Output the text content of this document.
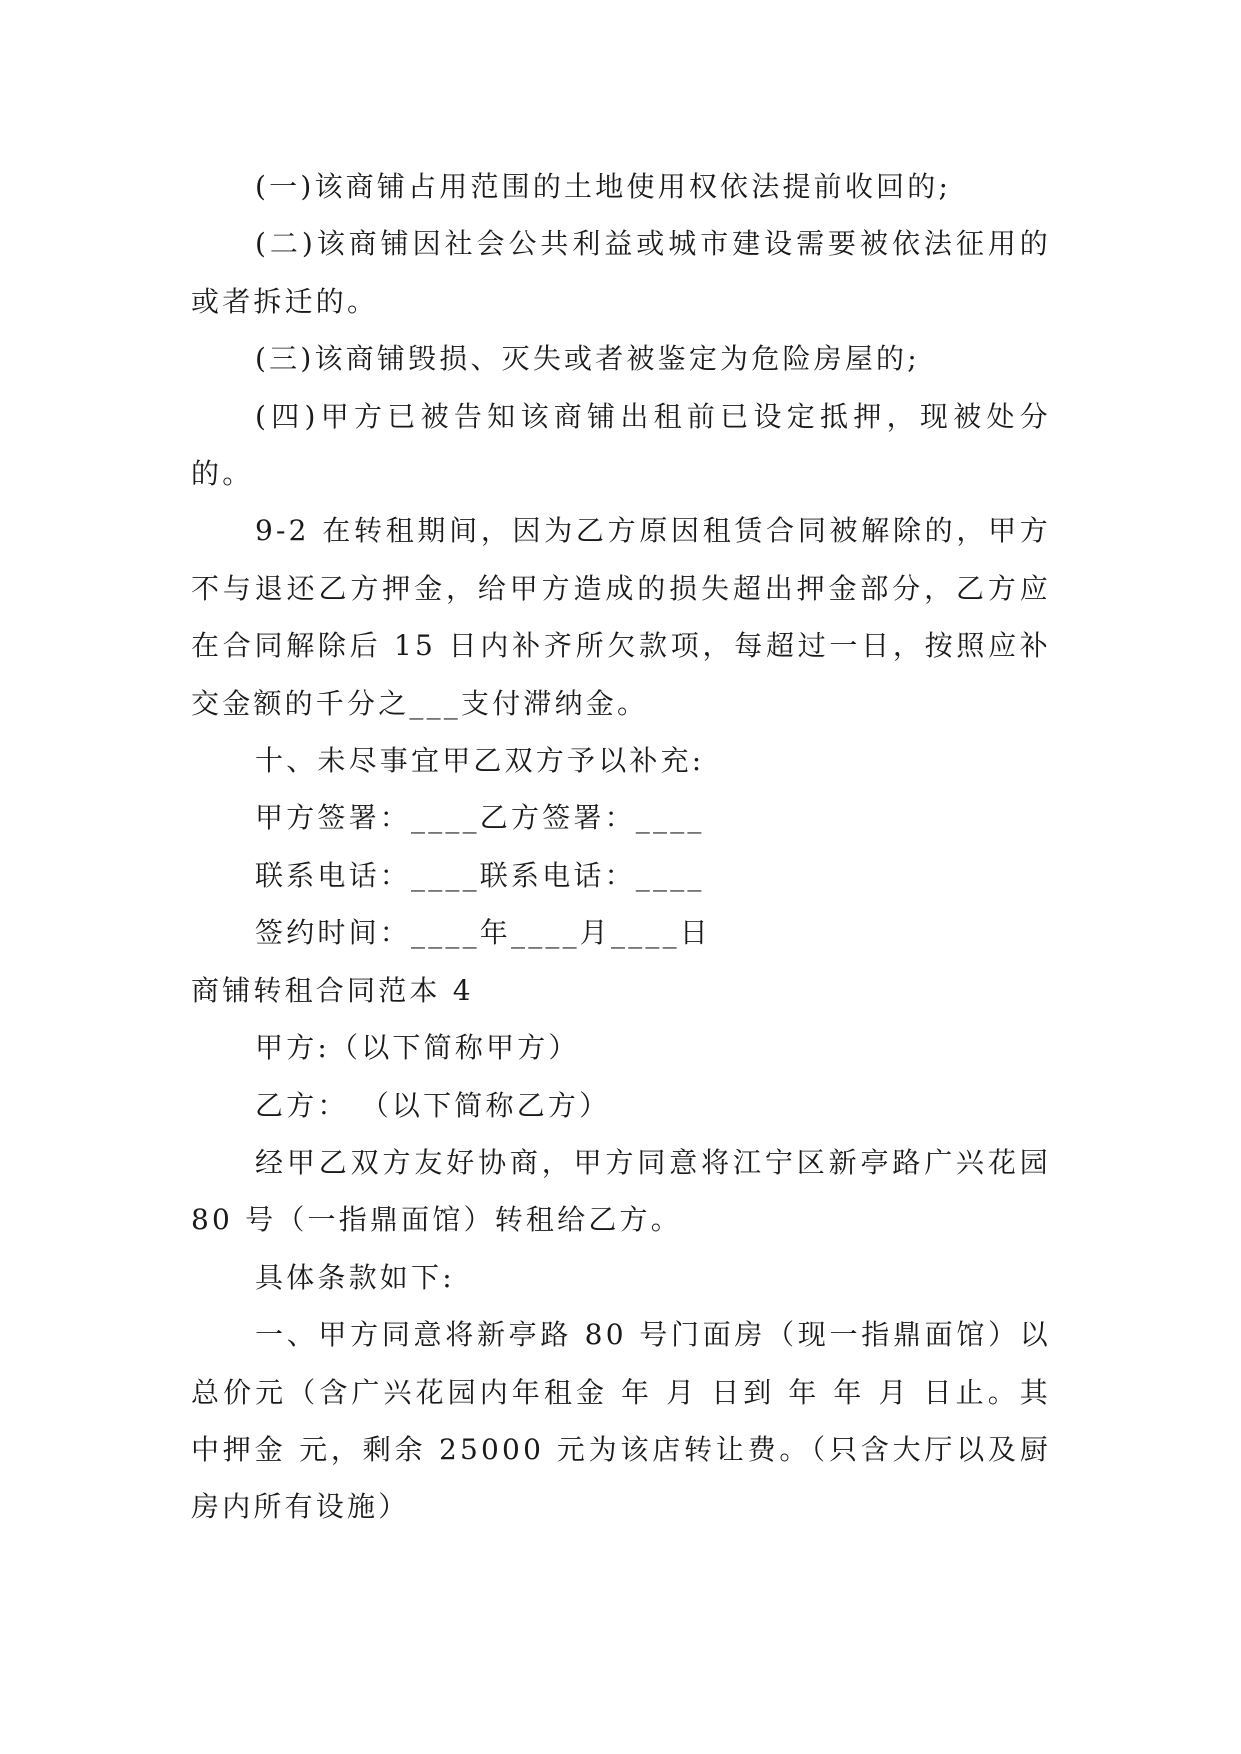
(一)该商铺占用范围的土地使用权依法提前收回的;

(二)该商铺因社会公共利益或城市建设需要被依法征用的或者拆迁的。

(三)该商铺毁损、灭失或者被鉴定为危险房屋的;

(四)甲方已被告知该商铺出租前已设定抵押，现被处分的。

9-2 在转租期间，因为乙方原因租赁合同被解除的，甲方不与退还乙方押金，给甲方造成的损失超出押金部分，乙方应在合同解除后 15 日内补齐所欠款项，每超过一日，按照应补交金额的千分之___支付滞纳金。

十、未尽事宜甲乙双方予以补充:

甲方签署：____乙方签署：____

联系电话：____联系电话：____

签约时间：____年____月____日

商铺转租合同范本 4

甲方:（以下简称甲方）

乙方： （以下简称乙方）

经甲乙双方友好协商，甲方同意将江宁区新亭路广兴花园 80 号（一指鼎面馆）转租给乙方。

具体条款如下:

一、甲方同意将新亭路 80 号门面房（现一指鼎面馆）以总价元（含广兴花园内年租金 年 月 日到 年 年 月 日止。其中押金 元，剩余 25000 元为该店转让费。（只含大厅以及厨房内所有设施）
